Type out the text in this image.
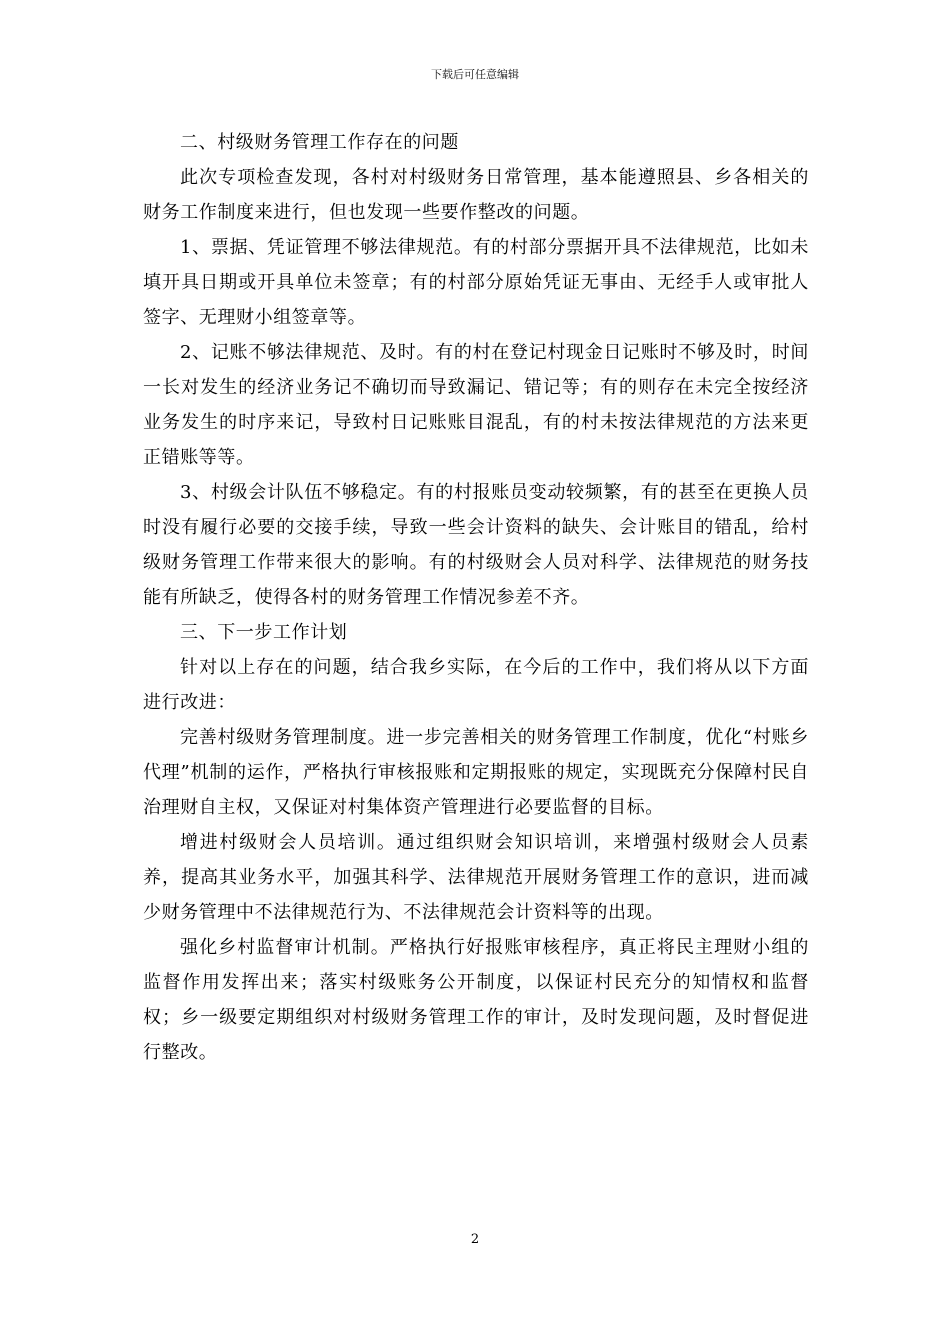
下载后可任意编辑

二、村级财务管理工作存在的问题

此次专项检查发现，各村对村级财务日常管理，基本能遵照县、乡各相关的财务工作制度来进行，但也发现一些要作整改的问题。

1、票据、凭证管理不够法律规范。有的村部分票据开具不法律规范，比如未填开具日期或开具单位未签章；有的村部分原始凭证无事由、无经手人或审批人签字、无理财小组签章等。

2、记账不够法律规范、及时。有的村在登记村现金日记账时不够及时，时间一长对发生的经济业务记不确切而导致漏记、错记等；有的则存在未完全按经济业务发生的时序来记，导致村日记账账目混乱，有的村未按法律规范的方法来更正错账等等。

3、村级会计队伍不够稳定。有的村报账员变动较频繁，有的甚至在更换人员时没有履行必要的交接手续，导致一些会计资料的缺失、会计账目的错乱，给村级财务管理工作带来很大的影响。有的村级财会人员对科学、法律规范的财务技能有所缺乏，使得各村的财务管理工作情况参差不齐。

三、下一步工作计划

针对以上存在的问题，结合我乡实际，在今后的工作中，我们将从以下方面进行改进：

完善村级财务管理制度。进一步完善相关的财务管理工作制度，优化“村账乡代理”机制的运作，严格执行审核报账和定期报账的规定，实现既充分保障村民自治理财自主权，又保证对村集体资产管理进行必要监督的目标。

增进村级财会人员培训。通过组织财会知识培训，来增强村级财会人员素养，提高其业务水平，加强其科学、法律规范开展财务管理工作的意识，进而减少财务管理中不法律规范行为、不法律规范会计资料等的出现。

强化乡村监督审计机制。严格执行好报账审核程序，真正将民主理财小组的监督作用发挥出来；落实村级账务公开制度，以保证村民充分的知情权和监督权；乡一级要定期组织对村级财务管理工作的审计，及时发现问题，及时督促进行整改。

2
